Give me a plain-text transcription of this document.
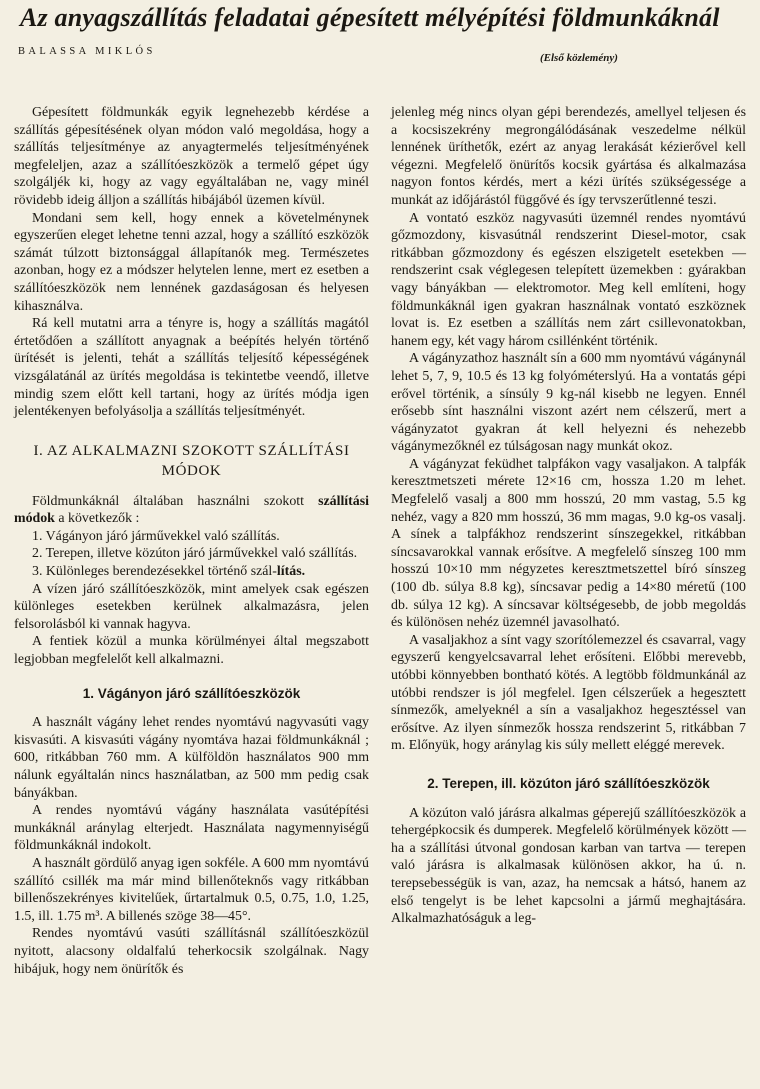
Az anyagszállítás feladatai gépesített mélyépítési földmunkáknál
BALASSA MIKLÓS
(Első közlemény)

Gépesített földmunkák egyik legnehezebb kérdése a szállítás gépesítésének olyan módon való megoldása, hogy a szállítás teljesítménye az anyagtermelés teljesítményének megfeleljen, azaz a szállítóeszközök a termelő gépet úgy szolgáljék ki, hogy az vagy egyáltalában ne, vagy minél rövidebb ideig álljon a szállítás hibájából üzemen kívül.

Mondani sem kell, hogy ennek a követelménynek egyszerűen eleget lehetne tenni azzal, hogy a szállító eszközök számát túlzott biztonsággal állapítanók meg. Természetes azonban, hogy ez a módszer helytelen lenne, mert ez esetben a szállítóeszközök nem lennének gazdaságosan és helyesen kihasználva.

Rá kell mutatni arra a tényre is, hogy a szállítás magától értetődően a szállított anyagnak a beépítés helyén történő ürítését is jelenti, tehát a szállítás teljesítő képességének vizsgálatánál az ürítés megoldása is tekintetbe veendő, illetve mindig szem előtt kell tartani, hogy az ürítés módja igen jelentékenyen befolyásolja a szállítás teljesítményét.

I. AZ ALKALMAZNI SZOKOTT SZÁLLÍTÁSI MÓDOK

Földmunkáknál általában használni szokott szállítási módok a következők :

1. Vágányon járó járművekkel való szállítás.

2. Terepen, illetve közúton járó járművekkel való szállítás.

3. Különleges berendezésekkel történő szál-lítás.

A vízen járó szállítóeszközök, mint amelyek csak egészen különleges esetekben kerülnek alkalmazásra, jelen felsorolásból ki vannak hagyva.

A fentiek közül a munka körülményei által megszabott legjobban megfelelőt kell alkalmazni.

1. Vágányon járó szállítóeszközök

A használt vágány lehet rendes nyomtávú nagyvasúti vagy kisvasúti. A kisvasúti vágány nyomtáva hazai földmunkáknál ; 600, ritkábban 760 mm. A külföldön használatos 900 mm nálunk egyáltalán nincs használatban, az 500 mm pedig csak bányákban.

A rendes nyomtávú vágány használata vasútépítési munkáknál aránylag elterjedt. Használata nagymennyiségű földmunkáknál indokolt.

A használt gördülő anyag igen sokféle. A 600 mm nyomtávú szállító csillék ma már mind billenőteknős vagy ritkábban billenőszekrényes kivitelűek, űrtartalmuk 0.5, 0.75, 1.0, 1.25, 1.5, ill. 1.75 m³. A billenés szöge 38—45°.

Rendes nyomtávú vasúti szállításnál szállítóeszközül nyitott, alacsony oldalfalú teherkocsik szolgálnak. Nagy hibájuk, hogy nem önürítők és

jelenleg még nincs olyan gépi berendezés, amellyel teljesen és a kocsiszekrény megrongálódásának veszedelme nélkül lennének üríthetők, ezért az anyag lerakását kézierővel kell végezni. Megfelelő önürítős kocsik gyártása és alkalmazása nagyon fontos kérdés, mert a kézi ürítés szükségessége a munkát az időjárástól függővé és így tervszerűtlenné teszi.

A vontató eszköz nagyvasúti üzemnél rendes nyomtávú gőzmozdony, kisvasútnál rendszerint Diesel-motor, csak ritkábban gőzmozdony és egészen elszigetelt esetekben — rendszerint csak véglegesen telepített üzemekben : gyárakban vagy bányákban — elektromotor. Meg kell említeni, hogy földmunkáknál igen gyakran használnak vontató eszköznek lovat is. Ez esetben a szállítás nem zárt csillevonatokban, hanem egy, két vagy három csillénként történik.

A vágányzathoz használt sín a 600 mm nyomtávú vágánynál lehet 5, 7, 9, 10.5 és 13 kg folyóméterslyú. Ha a vontatás gépi erővel történik, a sínsúly 9 kg-nál kisebb ne legyen. Ennél erősebb sínt használni viszont azért nem célszerű, mert a vágányzatot gyakran át kell helyezni és nehezebb vágánymezőknél ez túlságosan nagy munkát okoz.

A vágányzat feküdhet talpfákon vagy vasaljakon. A talpfák keresztmetszeti mérete 12×16 cm, hossza 1.20 m lehet. Megfelelő vasalj a 800 mm hosszú, 20 mm vastag, 5.5 kg nehéz, vagy a 820 mm hosszú, 36 mm magas, 9.0 kg-os vasalj. A sínek a talpfákhoz rendszerint sínszegekkel, ritkábban síncsavarokkal vannak erősítve. A megfelelő sínszeg 100 mm hosszú 10×10 mm négyzetes keresztmetszettel bíró sínszeg (100 db. súlya 8.8 kg), síncsavar pedig a 14×80 méretű (100 db. súlya 12 kg). A síncsavar költségesebb, de jobb megoldás és különösen nehéz üzemnél javasolható.

A vasaljakhoz a sínt vagy szorítólemezzel és csavarral, vagy egyszerű kengyelcsavarral lehet erősíteni. Előbbi merevebb, utóbbi könnyebben bontható kötés. A legtöbb földmunkánál az utóbbi rendszer is jól megfelel. Igen célszerűek a hegesztett sínmezők, amelyeknél a sín a vasaljakhoz hegesztéssel van erősítve. Az ilyen sínmezők hossza rendszerint 5, ritkábban 7 m. Előnyük, hogy aránylag kis súly mellett eléggé merevek.

2. Terepen, ill. közúton járó szállítóeszközök

A közúton való járásra alkalmas géperejű szállítóeszközök a tehergépkocsik és dumperek. Megfelelő körülmények között — ha a szállítási útvonal gondosan karban van tartva — terepen való járásra is alkalmasak különösen akkor, ha ú. n. terepsebességük is van, azaz, ha nemcsak a hátsó, hanem az első tengelyt is be lehet kapcsolni a jármű meghajtására. Alkalmazhatóságuk a leg-
